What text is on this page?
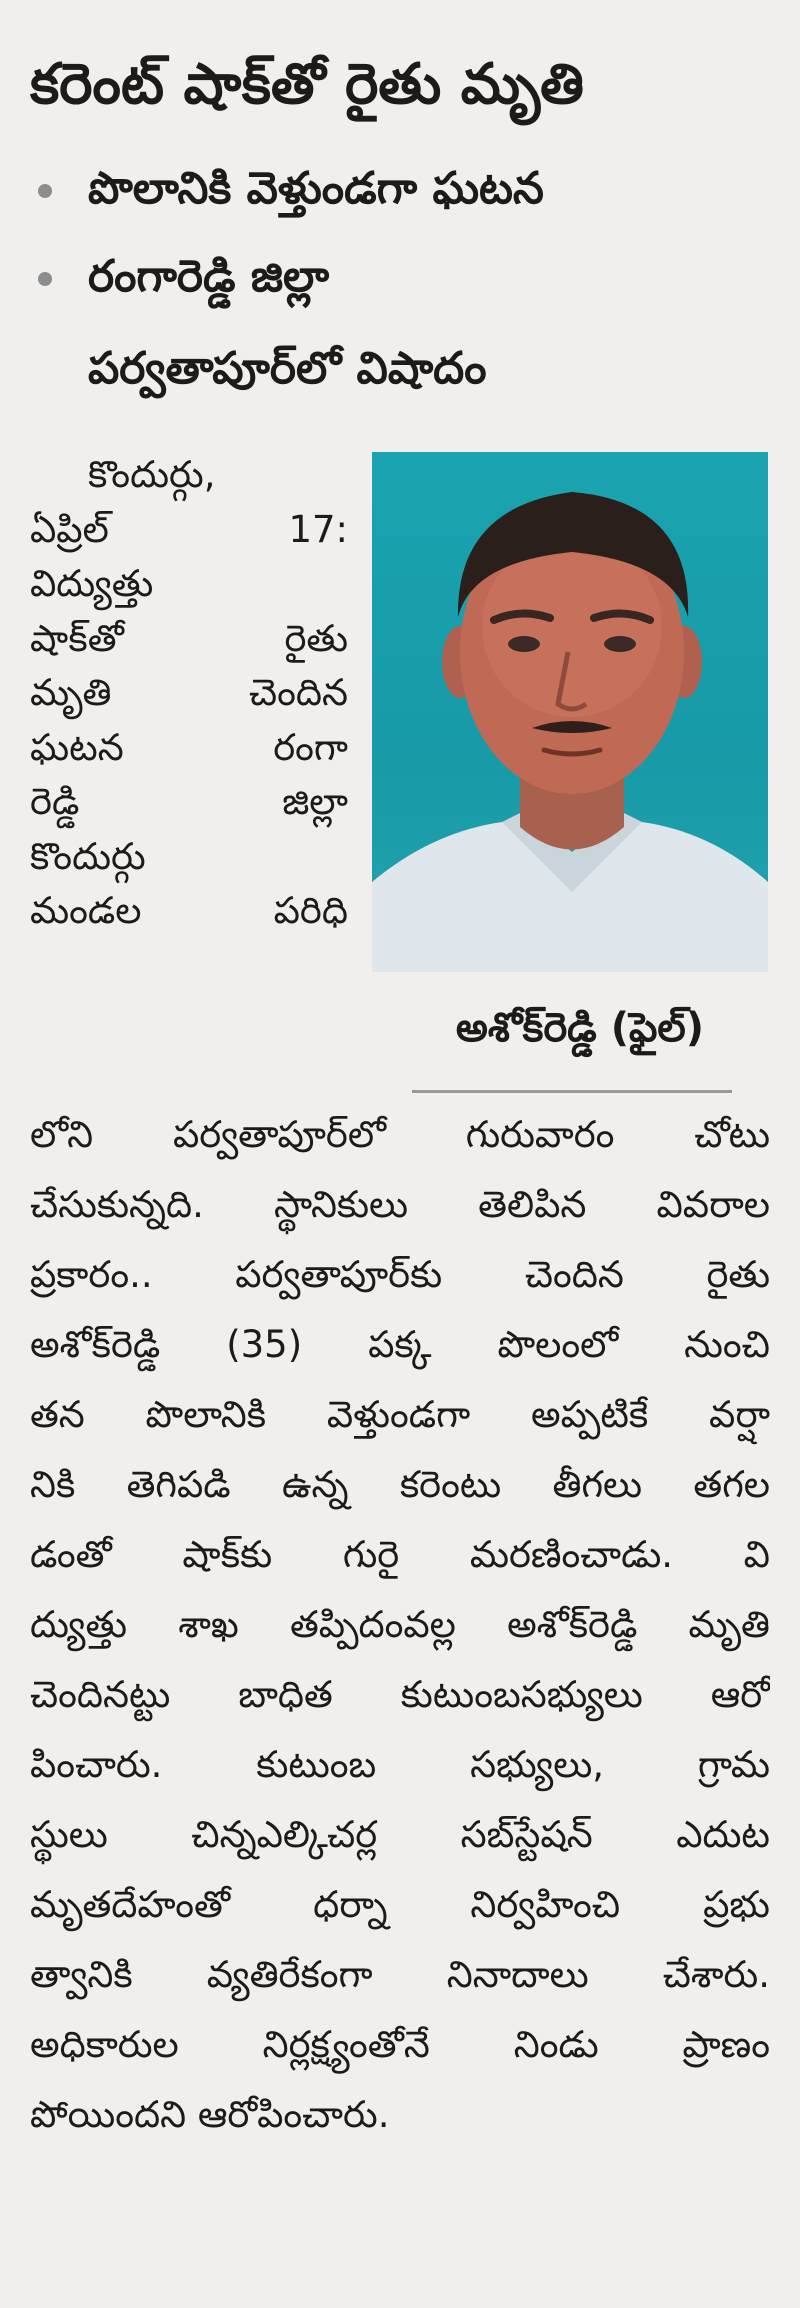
కరెంట్ షాక్‌తో రైతు మృతి
పొలానికి వెళ్తుండగా ఘటన
రంగారెడ్డి జిల్లా
పర్వతాపూర్‌లో విషాదం
కొందుర్గు,
ఏప్రిల్ 17:
విద్యుత్తు
షాక్‌తో రైతు
మృతి చెందిన
ఘటన రంగా
రెడ్డి జిల్లా
కొందుర్గు
మండల పరిధి
అశోక్‌రెడ్డి (ఫైల్)
లోని పర్వతాపూర్‌లో గురువారం చోటు
చేసుకున్నది. స్థానికులు తెలిపిన వివరాల
ప్రకారం.. పర్వతాపూర్‌కు చెందిన రైతు
అశోక్‌రెడ్డి (35) పక్క పొలంలో నుంచి
తన పొలానికి వెళ్తుండగా అప్పటికే వర్షా
నికి తెగిపడి ఉన్న కరెంటు తీగలు తగల
డంతో షాక్‌కు గురై మరణించాడు. వి
ద్యుత్తు శాఖ తప్పిదంవల్ల అశోక్‌రెడ్డి మృతి
చెందినట్టు బాధిత కుటుంబసభ్యులు ఆరో
పించారు. కుటుంబ సభ్యులు, గ్రామ
స్థులు చిన్నఎల్కిచర్ల సబ్‌స్టేషన్ ఎదుట
మృతదేహంతో ధర్నా నిర్వహించి ప్రభు
త్వానికి వ్యతిరేకంగా నినాదాలు చేశారు.
అధికారుల నిర్లక్ష్యంతోనే నిండు ప్రాణం
పోయిందని ఆరోపించారు.
